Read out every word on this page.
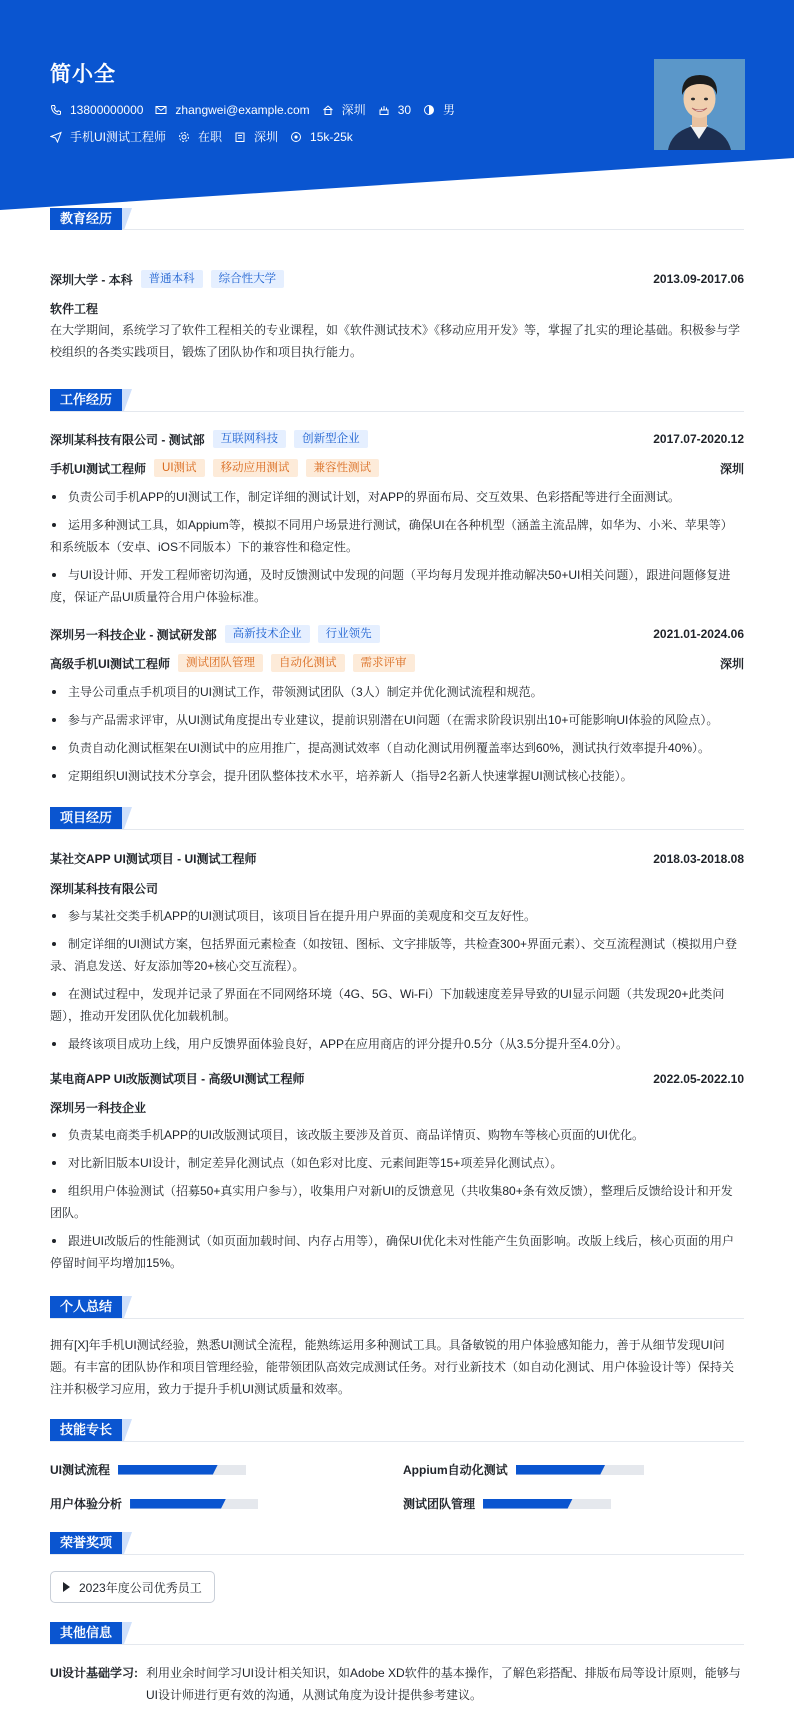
简小全
13800000000	zhangwei@example.com	深圳	30	男
手机UI测试工程师	在职	深圳	15k-25k
教育经历
深圳大学 - 本科	普通本科	综合性大学	2013.09-2017.06
软件工程
在大学期间，系统学习了软件工程相关的专业课程，如《软件测试技术》《移动应用开发》等，掌握了扎实的理论基础。积极参与学校组织的各类实践项目，锻炼了团队协作和项目执行能力。
工作经历
深圳某科技有限公司 - 测试部	互联网科技	创新型企业	2017.07-2020.12
手机UI测试工程师	UI测试	移动应用测试	兼容性测试	深圳
负责公司手机APP的UI测试工作，制定详细的测试计划，对APP的界面布局、交互效果、色彩搭配等进行全面测试。
运用多种测试工具，如Appium等，模拟不同用户场景进行测试，确保UI在各种机型（涵盖主流品牌，如华为、小米、苹果等）和系统版本（安卓、iOS不同版本）下的兼容性和稳定性。
与UI设计师、开发工程师密切沟通，及时反馈测试中发现的问题（平均每月发现并推动解决50+UI相关问题），跟进问题修复进度，保证产品UI质量符合用户体验标准。
深圳另一科技企业 - 测试研发部	高新技术企业	行业领先	2021.01-2024.06
高级手机UI测试工程师	测试团队管理	自动化测试	需求评审	深圳
主导公司重点手机项目的UI测试工作，带领测试团队（3人）制定并优化测试流程和规范。
参与产品需求评审，从UI测试角度提出专业建议，提前识别潜在UI问题（在需求阶段识别出10+可能影响UI体验的风险点）。
负责自动化测试框架在UI测试中的应用推广，提高测试效率（自动化测试用例覆盖率达到60%，测试执行效率提升40%）。
定期组织UI测试技术分享会，提升团队整体技术水平，培养新人（指导2名新人快速掌握UI测试核心技能）。
项目经历
某社交APP UI测试项目 - UI测试工程师	2018.03-2018.08
深圳某科技有限公司
参与某社交类手机APP的UI测试项目，该项目旨在提升用户界面的美观度和交互友好性。
制定详细的UI测试方案，包括界面元素检查（如按钮、图标、文字排版等，共检查300+界面元素）、交互流程测试（模拟用户登录、消息发送、好友添加等20+核心交互流程）。
在测试过程中，发现并记录了界面在不同网络环境（4G、5G、Wi-Fi）下加载速度差异导致的UI显示问题（共发现20+此类问题），推动开发团队优化加载机制。
最终该项目成功上线，用户反馈界面体验良好，APP在应用商店的评分提升0.5分（从3.5分提升至4.0分）。
某电商APP UI改版测试项目 - 高级UI测试工程师	2022.05-2022.10
深圳另一科技企业
负责某电商类手机APP的UI改版测试项目，该改版主要涉及首页、商品详情页、购物车等核心页面的UI优化。
对比新旧版本UI设计，制定差异化测试点（如色彩对比度、元素间距等15+项差异化测试点）。
组织用户体验测试（招募50+真实用户参与），收集用户对新UI的反馈意见（共收集80+条有效反馈），整理后反馈给设计和开发团队。
跟进UI改版后的性能测试（如页面加载时间、内存占用等），确保UI优化未对性能产生负面影响。改版上线后，核心页面的用户停留时间平均增加15%。
个人总结
拥有[X]年手机UI测试经验，熟悉UI测试全流程，能熟练运用多种测试工具。具备敏锐的用户体验感知能力，善于从细节发现UI问题。有丰富的团队协作和项目管理经验，能带领团队高效完成测试任务。对行业新技术（如自动化测试、用户体验设计等）保持关注并积极学习应用，致力于提升手机UI测试质量和效率。
技能专长
UI测试流程	Appium自动化测试
用户体验分析	测试团队管理
荣誉奖项
2023年度公司优秀员工
其他信息
UI设计基础学习: 利用业余时间学习UI设计相关知识，如Adobe XD软件的基本操作，了解色彩搭配、排版布局等设计原则，能够与UI设计师进行更有效的沟通，从测试角度为设计提供参考建议。
